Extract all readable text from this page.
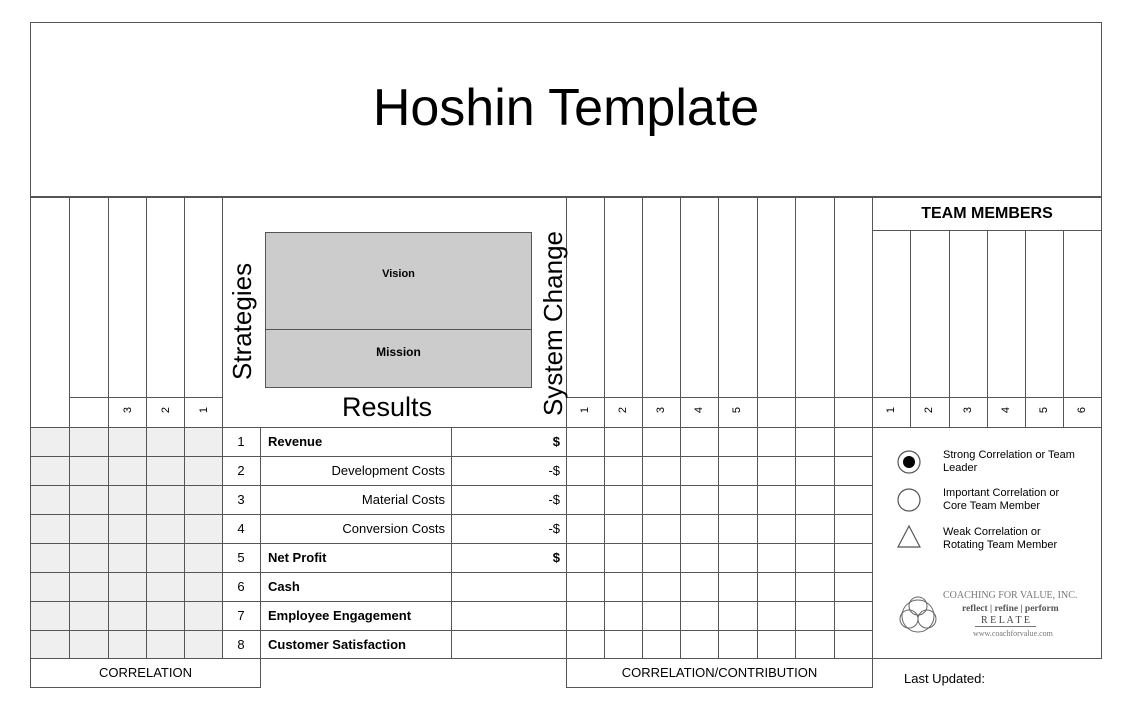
Hoshin Template
3 2 1	1 2 3 4 5	1 2 3 4 5 6
1	Revenue	$
2	Development Costs	-$
3	Material Costs	-$
4	Conversion Costs	-$
5	Net Profit	$
6	Cash
7	Employee Engagement
8	Customer Satisfaction
Strategies	System Change
Vision
Mission
Results
TEAM MEMBERS
CORRELATION	CORRELATION/CONTRIBUTION	Last Updated:
Strong Correlation or Team Leader
Important Correlation or Core Team Member
Weak Correlation or Rotating Team Member
COACHING FOR VALUE, INC.
reflect | refine | perform
R E L A T E
www.coachforvalue.com
